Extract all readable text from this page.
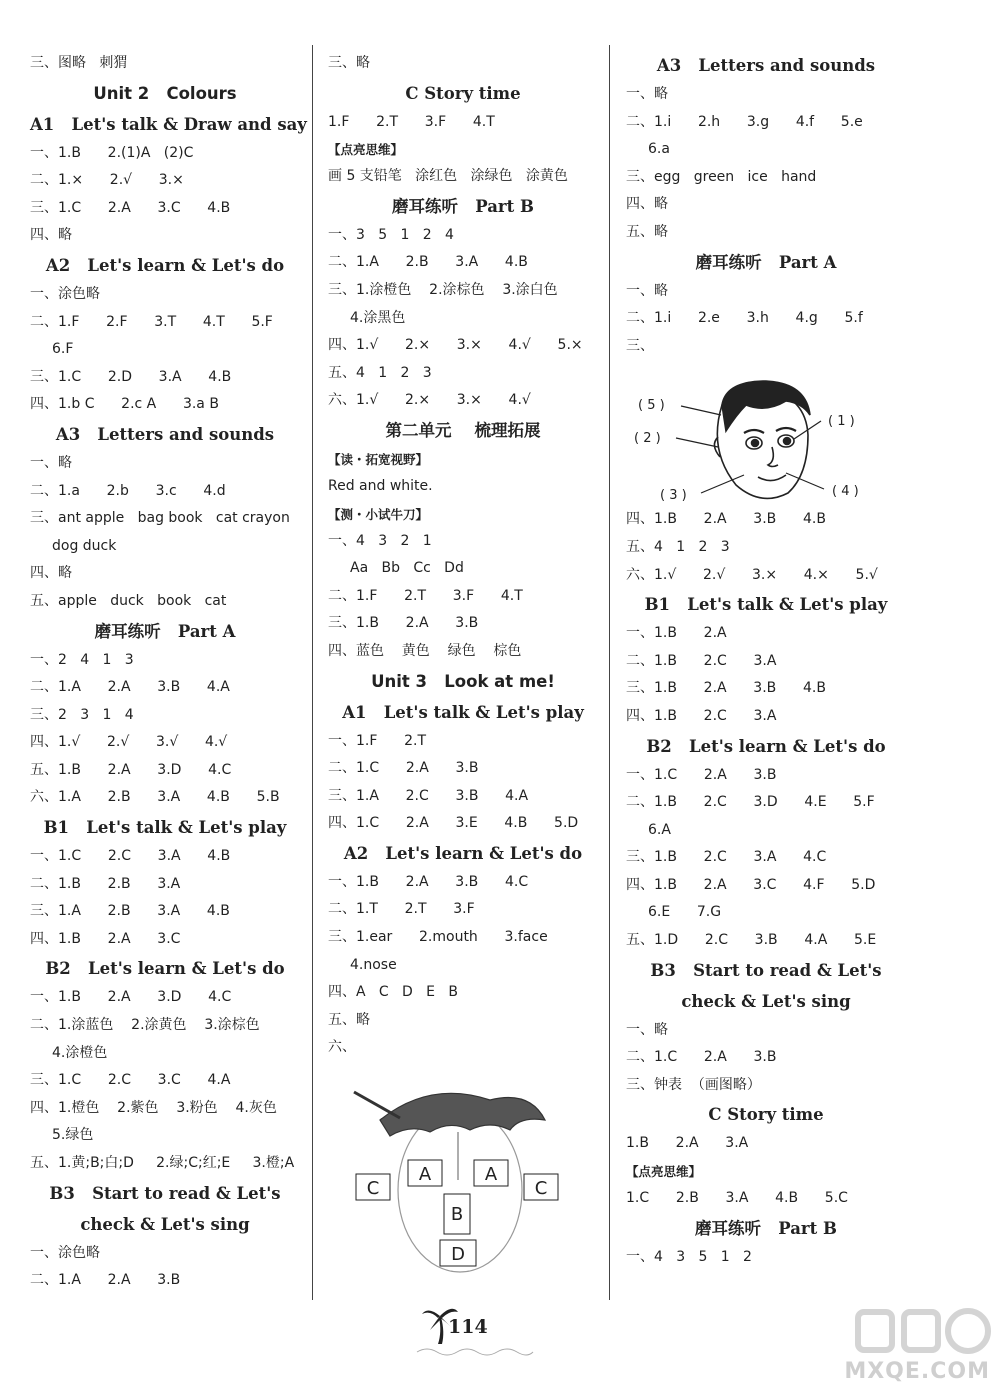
三、图略   刺猬
Unit 2   Colours
A1   Let's talk & Draw and say
一、1.B      2.(1)A   (2)C
二、1.×      2.√      3.×
三、1.C      2.A      3.C      4.B
四、略
A2   Let's learn & Let's do
一、涂色略
二、1.F      2.F      3.T      4.T      5.F
6.F
三、1.C      2.D      3.A      4.B
四、1.b C      2.c A      3.a B
A3   Letters and sounds
一、略
二、1.a      2.b      3.c      4.d
三、ant apple   bag book   cat crayon
dog duck
四、略
五、apple   duck   book   cat
磨耳练听   Part A
一、2   4   1   3
二、1.A      2.A      3.B      4.A
三、2   3   1   4
四、1.√      2.√      3.√      4.√
五、1.B      2.A      3.D      4.C
六、1.A      2.B      3.A      4.B      5.B
B1   Let's talk & Let's play
一、1.C      2.C      3.A      4.B
二、1.B      2.B      3.A
三、1.A      2.B      3.A      4.B
四、1.B      2.A      3.C
B2   Let's learn & Let's do
一、1.B      2.A      3.D      4.C
二、1.涂蓝色    2.涂黄色    3.涂棕色
4.涂橙色
三、1.C      2.C      3.C      4.A
四、1.橙色    2.紫色    3.粉色    4.灰色
5.绿色
五、1.黄;B;白;D     2.绿;C;红;E     3.橙;A
B3   Start to read & Let's
check & Let's sing
一、涂色略
二、1.A      2.A      3.B
三、略
C Story time
1.F      2.T      3.F      4.T
【点亮思维】
画 5 支铅笔   涂红色   涂绿色   涂黄色
磨耳练听   Part B
一、3   5   1   2   4
二、1.A      2.B      3.A      4.B
三、1.涂橙色    2.涂棕色    3.涂白色
4.涂黑色
四、1.√      2.×      3.×      4.√      5.×
五、4   1   2   3
六、1.√      2.×      3.×      4.√
第二单元    梳理拓展
【读・拓宽视野】
Red and white.
【测・小试牛刀】
一、4   3   2   1
Aa   Bb   Cc   Dd
二、1.F      2.T      3.F      4.T
三、1.B      2.A      3.B
四、蓝色    黄色    绿色    棕色
Unit 3   Look at me!
A1   Let's talk & Let's play
一、1.F      2.T
二、1.C      2.A      3.B
三、1.A      2.C      3.B      4.A
四、1.C      2.A      3.E      4.B      5.D
A2   Let's learn & Let's do
一、1.B      2.A      3.B      4.C
二、1.T      2.T      3.F
三、1.ear      2.mouth      3.face
4.nose
四、A   C   D   E   B
五、略
六、
A3   Letters and sounds
一、略
二、1.i      2.h      3.g      4.f      5.e
6.a
三、egg   green   ice   hand
四、略
五、略
磨耳练听   Part A
一、略
二、1.i      2.e      3.h      4.g      5.f
三、
四、1.B      2.A      3.B      4.B
五、4   1   2   3
六、1.√      2.√      3.×      4.×      5.√
B1   Let's talk & Let's play
一、1.B      2.A
二、1.B      2.C      3.A
三、1.B      2.A      3.B      4.B
四、1.B      2.C      3.A
B2   Let's learn & Let's do
一、1.C      2.A      3.B
二、1.B      2.C      3.D      4.E      5.F
6.A
三、1.B      2.C      3.A      4.C
四、1.B      2.A      3.C      4.F      5.D
6.E      7.G
五、1.D      2.C      3.B      4.A      5.E
B3   Start to read & Let's
check & Let's sing
一、略
二、1.C      2.A      3.B
三、钟表  （画图略）
C Story time
1.B      2.A      3.A
【点亮思维】
1.C      2.B      3.A      4.B      5.C
磨耳练听   Part B
一、4   3   5   1   2
( 5 )
( 2 )
( 3 )
( 1 )
( 4 )
C
A	A
C
B
D
114
MXQE.COM
